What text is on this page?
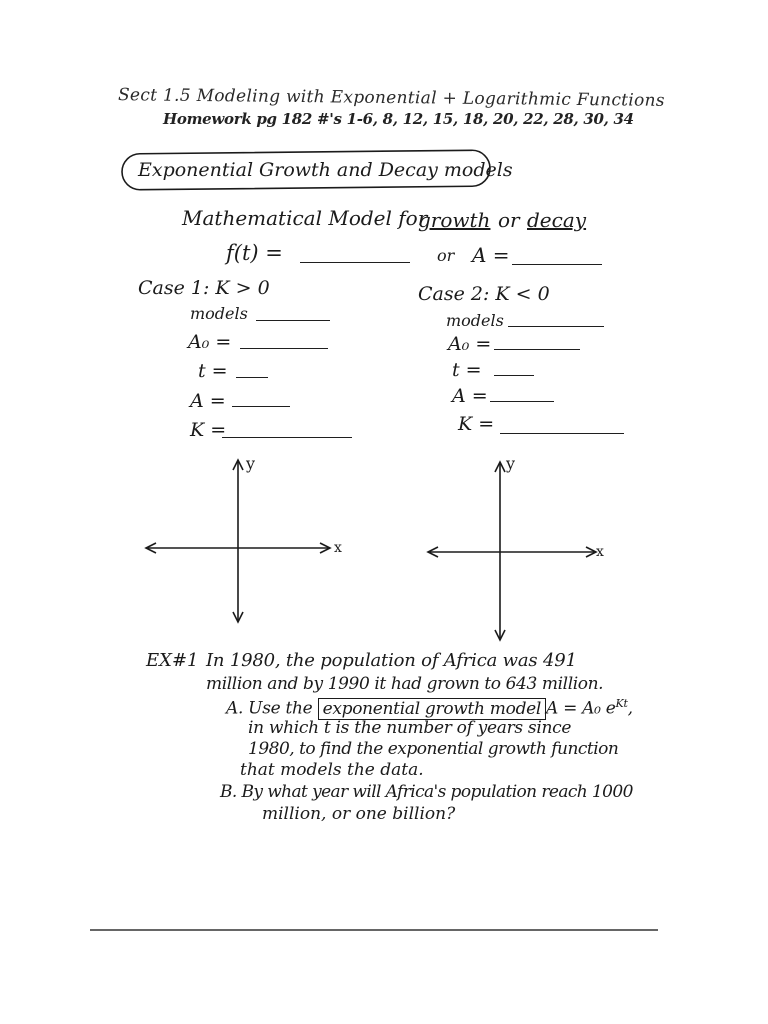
Sect 1.5 Modeling with Exponential + Logarithmic Functions
Homework pg 182 #'s 1-6, 8, 12, 15, 18, 20, 22, 28, 30, 34
Exponential Growth and Decay models
Mathematical Model for
growth or decay
f(t) =	or A =
Case 1: K > 0
models
A₀ =
t =
A =
K =
Case 2: K < 0
models
A₀ =
t =
A =
K =
y
x
y
x
EX#1 In 1980, the population of Africa was 491
million and by 1990 it had grown to 643 million.
A. Use the exponential growth model A = A₀ $e^{Kt}$,
in which t is the number of years since
1980, to find the exponential growth function
that models the data.
B. By what year will Africa's population reach 1000
million, or one billion?
